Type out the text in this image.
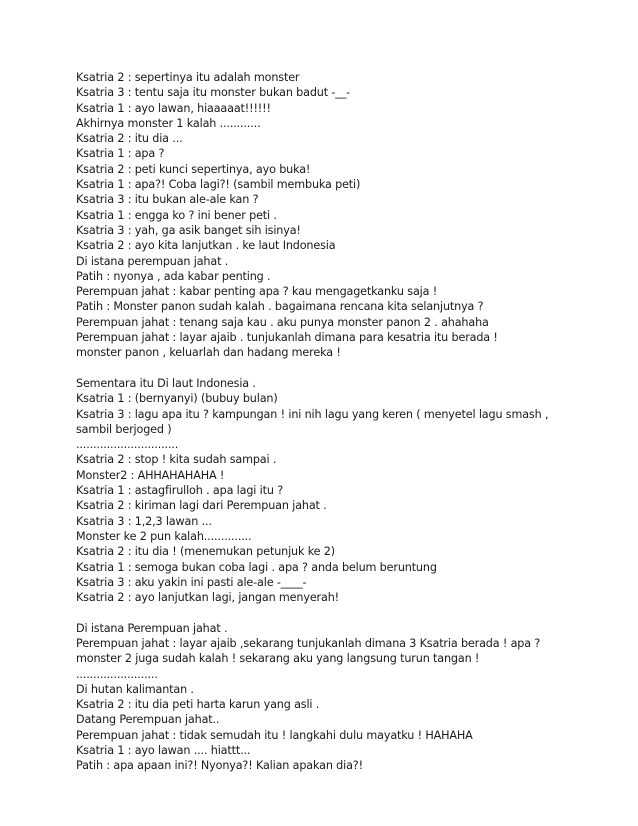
Ksatria 2 : sepertinya itu adalah monster
Ksatria 3 : tentu saja itu monster bukan badut -__-
Ksatria 1 : ayo lawan, hiaaaaat!!!!!!
Akhirnya monster 1 kalah ............
Ksatria 2 : itu dia ...
Ksatria 1 : apa ?
Ksatria 2 : peti kunci sepertinya, ayo buka!
Ksatria 1 : apa?! Coba lagi?! (sambil membuka peti)
Ksatria 3 : itu bukan ale-ale kan ?
Ksatria 1 : engga ko ? ini bener peti .
Ksatria 3 : yah, ga asik banget sih isinya!
Ksatria 2 : ayo kita lanjutkan . ke laut Indonesia
Di istana perempuan jahat .
Patih : nyonya , ada kabar penting .
Perempuan jahat : kabar penting apa ? kau mengagetkanku saja !
Patih : Monster panon sudah kalah . bagaimana rencana kita selanjutnya ?
Perempuan jahat : tenang saja kau . aku punya monster panon 2 . ahahaha
Perempuan jahat : layar ajaib . tunjukanlah dimana para kesatria itu berada !
monster panon , keluarlah dan hadang mereka !
Sementara itu Di laut Indonesia .
Ksatria 1 : (bernyanyi) (bubuy bulan)
Ksatria 3 : lagu apa itu ? kampungan ! ini nih lagu yang keren ( menyetel lagu smash ,
sambil berjoged )
..............................
Ksatria 2 : stop ! kita sudah sampai .
Monster2 : AHHAHAHAHA !
Ksatria 1 : astagfirulloh . apa lagi itu ?
Ksatria 2 : kiriman lagi dari Perempuan jahat .
Ksatria 3 : 1,2,3 lawan ...
Monster ke 2 pun kalah..............
Ksatria 2 : itu dia ! (menemukan petunjuk ke 2)
Ksatria 1 : semoga bukan coba lagi . apa ? anda belum beruntung
Ksatria 3 : aku yakin ini pasti ale-ale -____-
Ksatria 2 : ayo lanjutkan lagi, jangan menyerah!
Di istana Perempuan jahat .
Perempuan jahat : layar ajaib ,sekarang tunjukanlah dimana 3 Ksatria berada ! apa ?
monster 2 juga sudah kalah ! sekarang aku yang langsung turun tangan !
........................
Di hutan kalimantan .
Ksatria 2 : itu dia peti harta karun yang asli .
Datang Perempuan jahat..
Perempuan jahat : tidak semudah itu ! langkahi dulu mayatku ! HAHAHA
Ksatria 1 : ayo lawan .... hiattt...
Patih : apa apaan ini?! Nyonya?! Kalian apakan dia?!
